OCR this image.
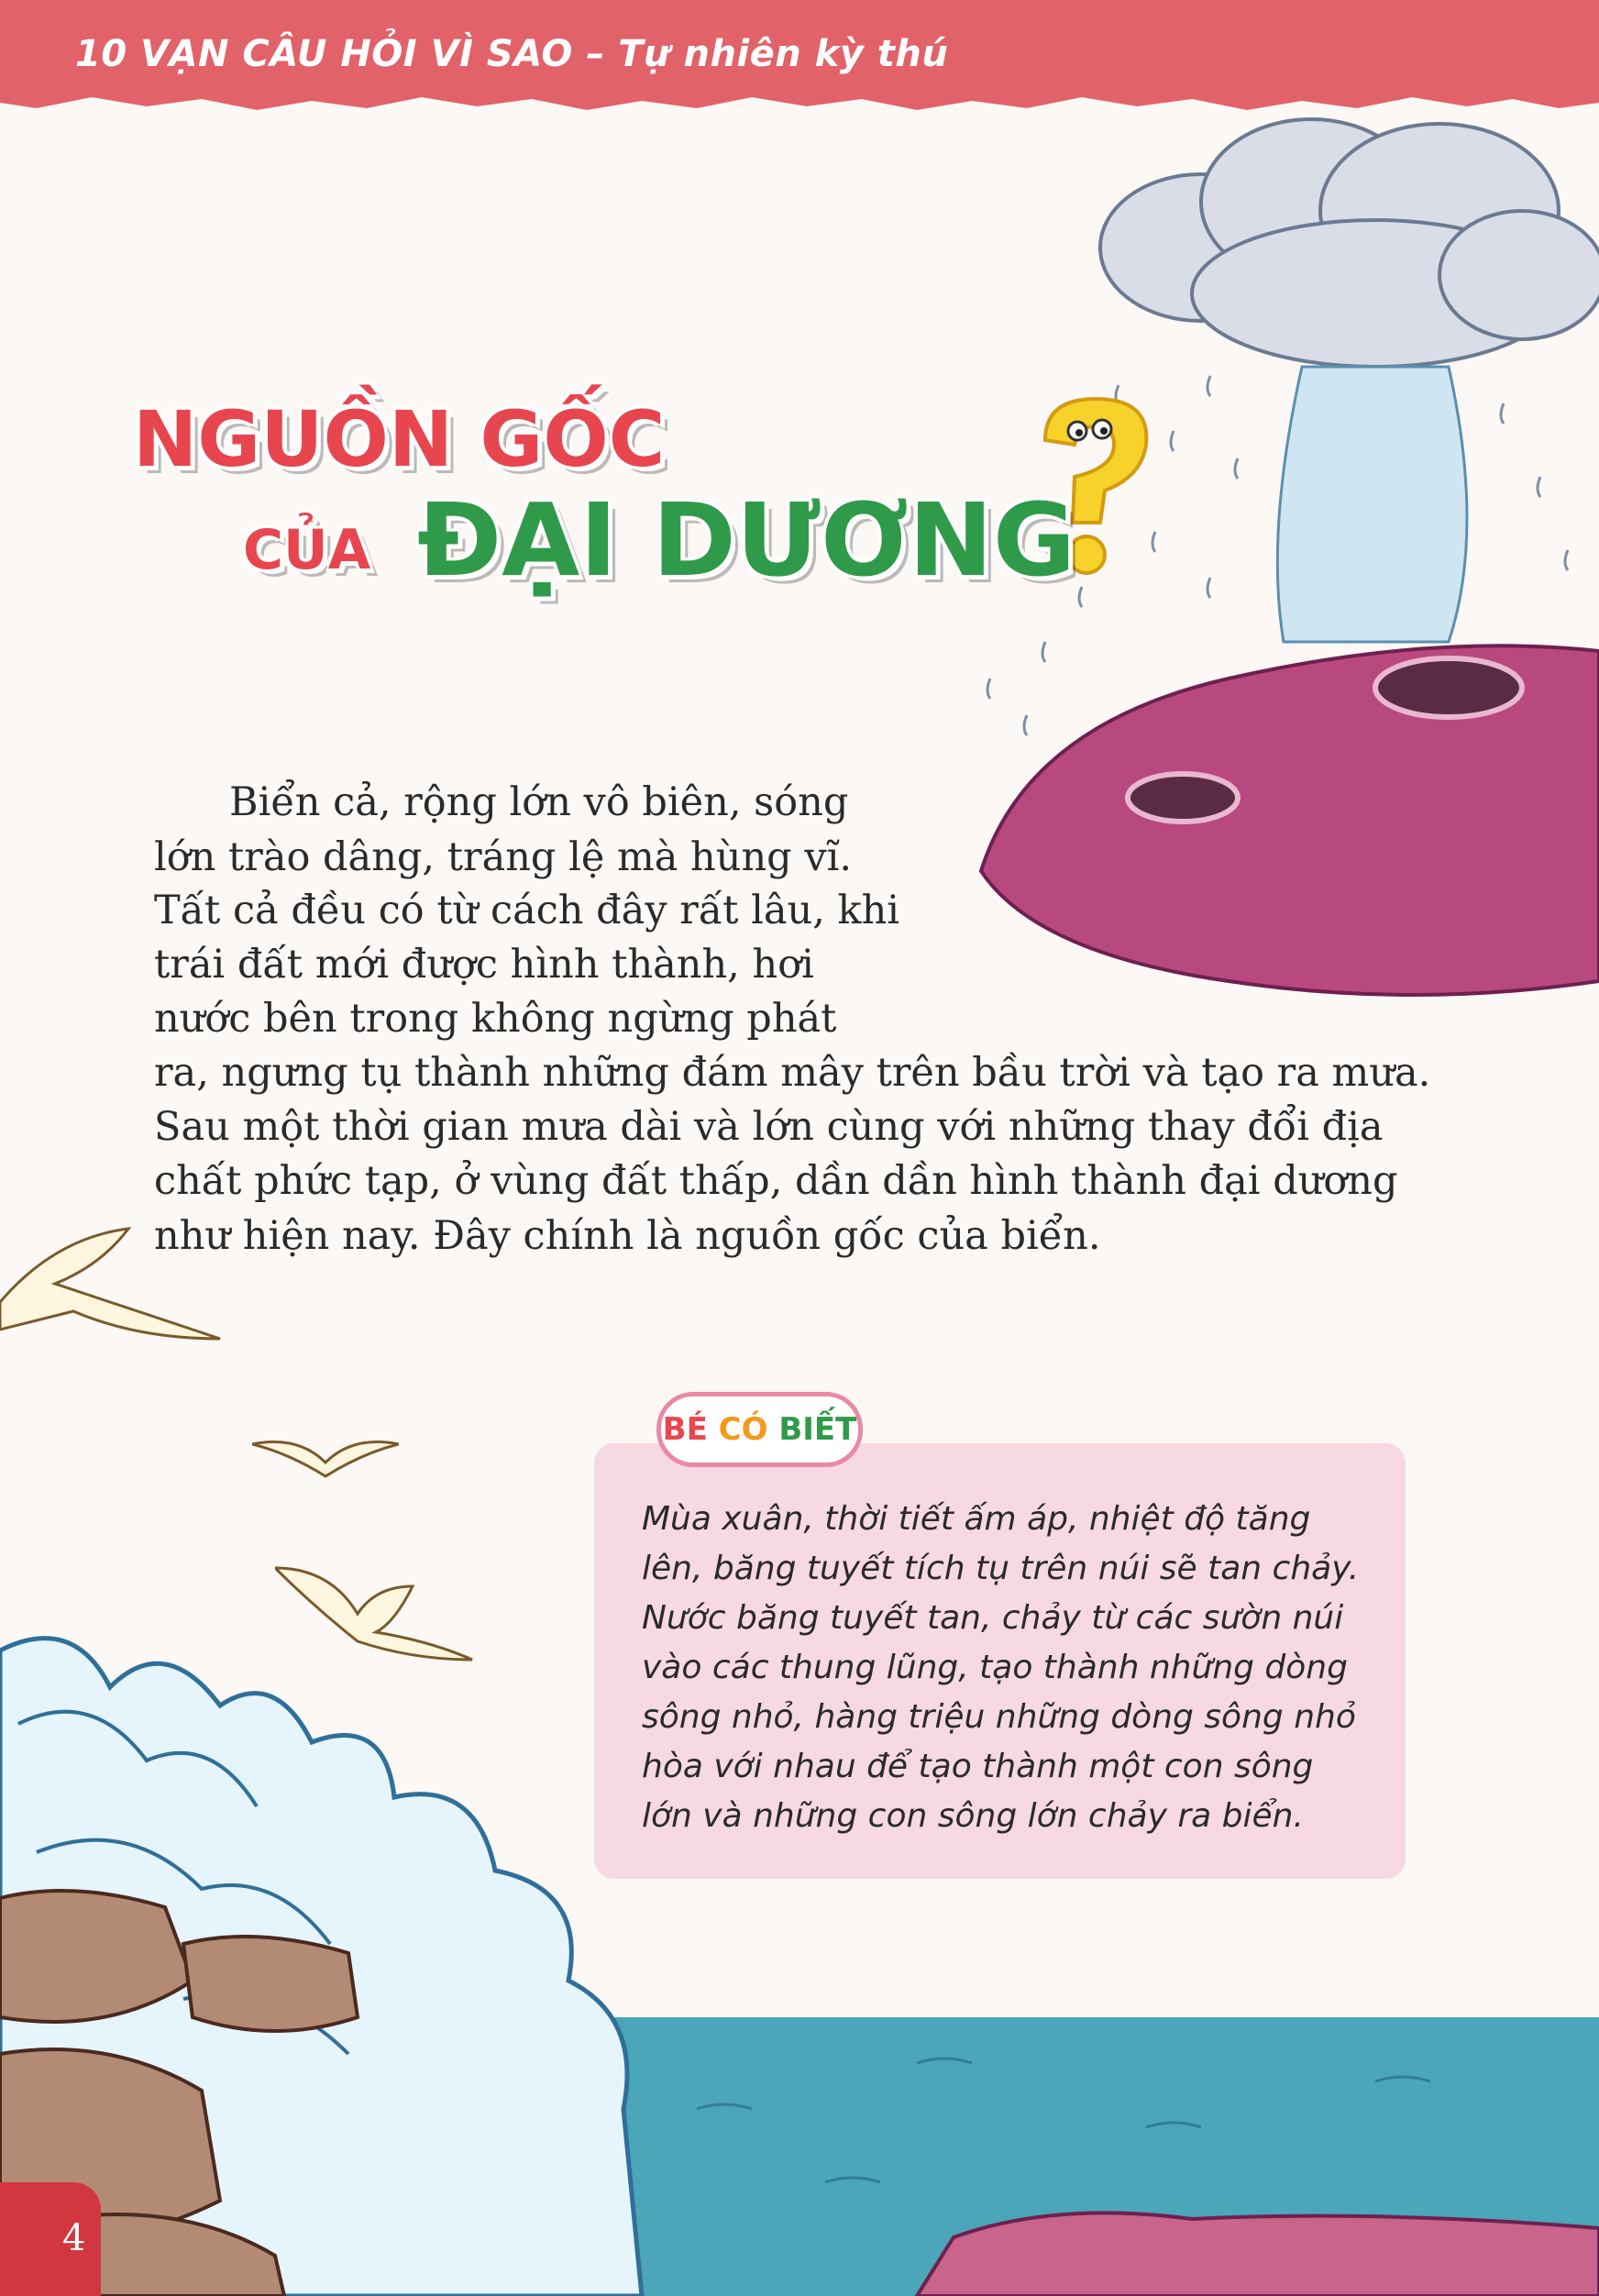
10 VẠN CÂU HỎI VÌ SAO – Tự nhiên kỳ thú
NGUỒN GỐC
CỦA ĐẠI DƯƠNG
Biển cả, rộng lớn vô biên, sóng
lớn trào dâng, tráng lệ mà hùng vĩ.
Tất cả đều có từ cách đây rất lâu, khi
trái đất mới được hình thành, hơi
nước bên trong không ngừng phát
ra, ngưng tụ thành những đám mây trên bầu trời và tạo ra mưa.
Sau một thời gian mưa dài và lớn cùng với những thay đổi địa
chất phức tạp, ở vùng đất thấp, dần dần hình thành đại dương
như hiện nay. Đây chính là nguồn gốc của biển.
BÉ CÓ BIẾT
Mùa xuân, thời tiết ấm áp, nhiệt độ tăng
lên, băng tuyết tích tụ trên núi sẽ tan chảy.
Nước băng tuyết tan, chảy từ các sườn núi
vào các thung lũng, tạo thành những dòng
sông nhỏ, hàng triệu những dòng sông nhỏ
hòa với nhau để tạo thành một con sông
lớn và những con sông lớn chảy ra biển.
4
